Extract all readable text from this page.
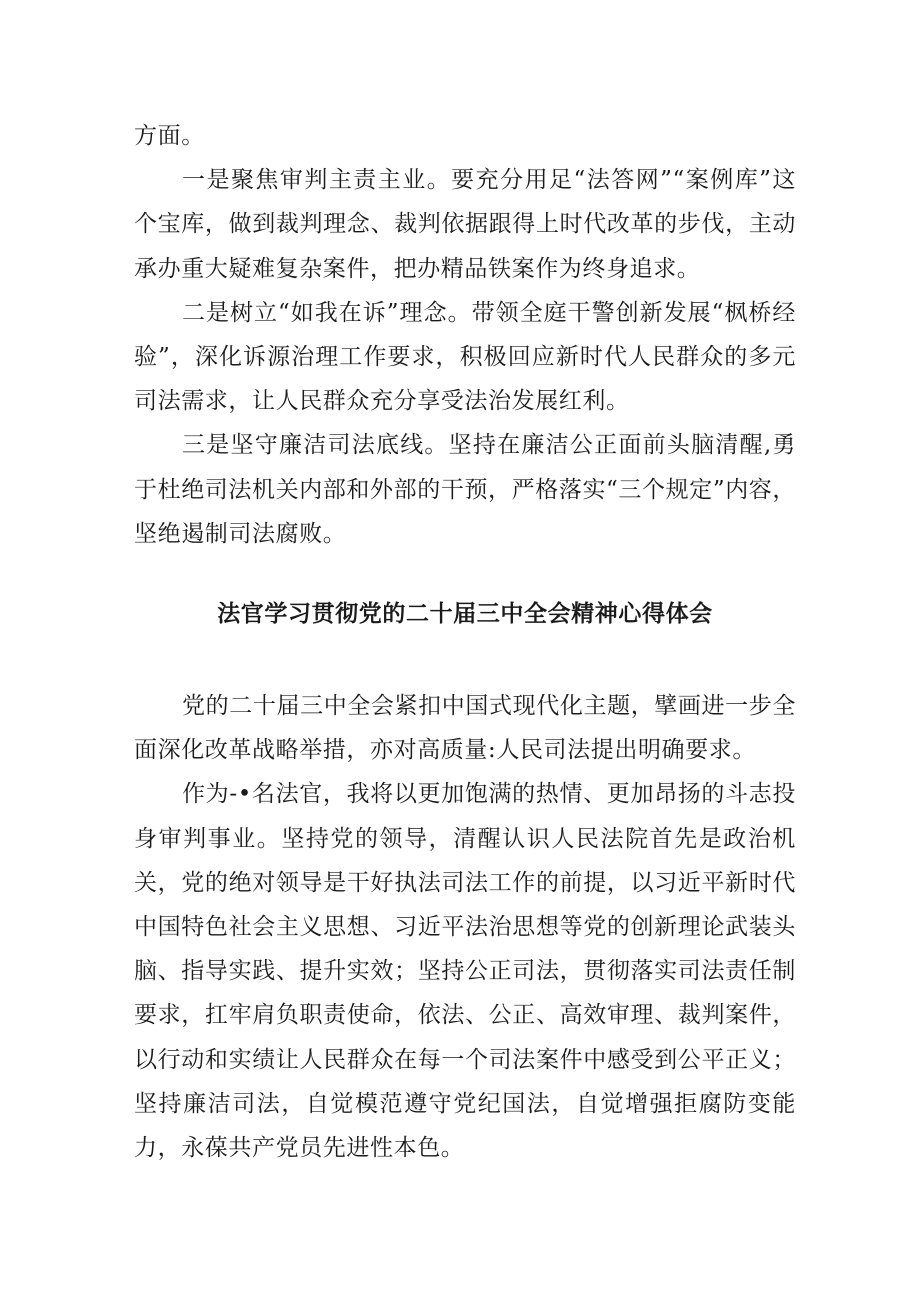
方面。

一是聚焦审判主责主业。要充分用足“法答网”“案例库”这个宝库，做到裁判理念、裁判依据跟得上时代改革的步伐，主动承办重大疑难复杂案件，把办精品铁案作为终身追求。

二是树立“如我在诉”理念。带领全庭干警创新发展“枫桥经验”，深化诉源治理工作要求，积极回应新时代人民群众的多元司法需求，让人民群众充分享受法治发展红利。

三是坚守廉洁司法底线。坚持在廉洁公正面前头脑清醒,勇于杜绝司法机关内部和外部的干预，严格落实“三个规定”内容，坚绝遏制司法腐败。

法官学习贯彻党的二十届三中全会精神心得体会

党的二十届三中全会紧扣中国式现代化主题，擘画进一步全面深化改革战略举措，亦对高质量:人民司法提出明确要求。

作为-•名法官，我将以更加饱满的热情、更加昂扬的斗志投身审判事业。坚持党的领导，清醒认识人民法院首先是政治机关，党的绝对领导是干好执法司法工作的前提，以习近平新时代中国特色社会主义思想、习近平法治思想等党的创新理论武装头脑、指导实践、提升实效；坚持公正司法，贯彻落实司法责任制要求，扛牢肩负职责使命，依法、公正、高效审理、裁判案件，以行动和实绩让人民群众在每一个司法案件中感受到公平正义；坚持廉洁司法，自觉模范遵守党纪国法，自觉增强拒腐防变能力，永葆共产党员先进性本色。
